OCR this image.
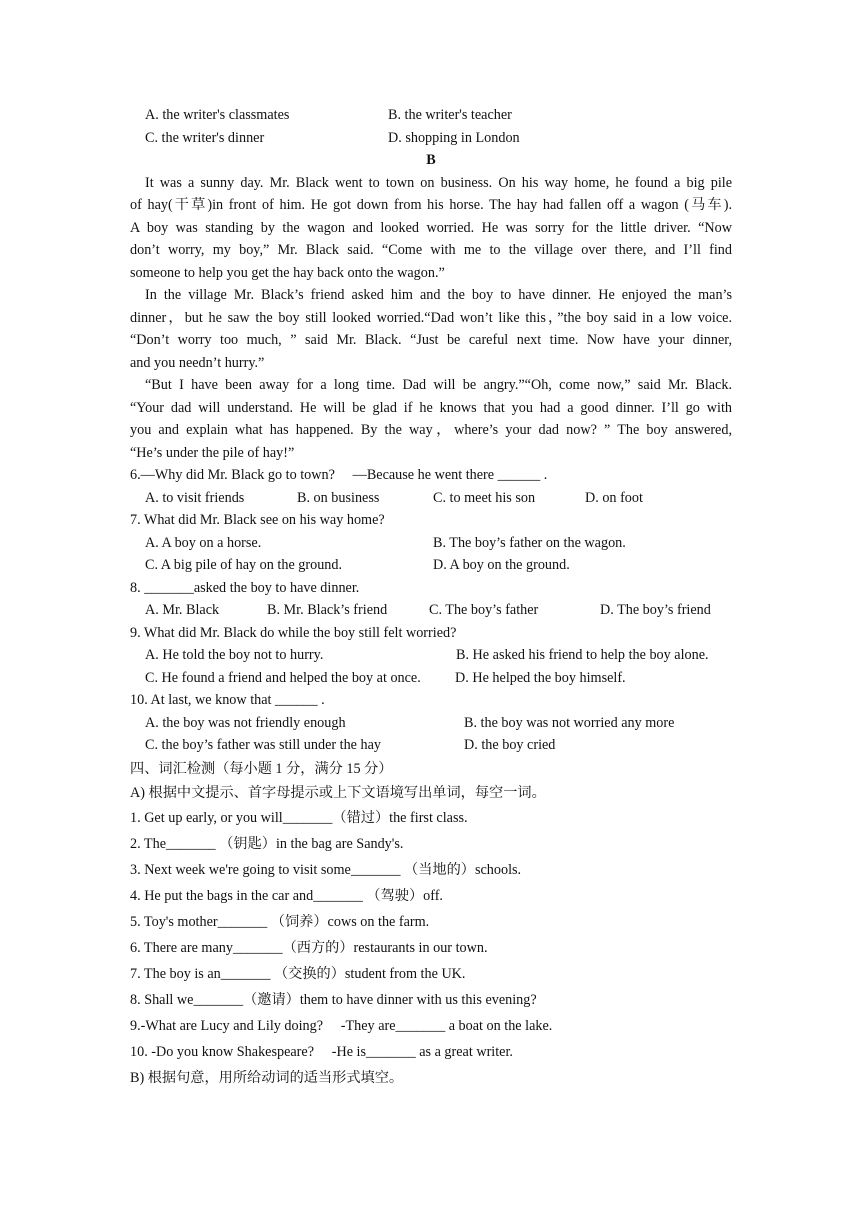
A. the writer's classmates	B. the writer's teacher
C. the writer's dinner	D. shopping in London
B
It was a sunny day. Mr. Black went to town on business. On his way home, he found a big pile
of hay(干草)in front of him. He got down from his horse. The hay had fallen off a wagon (马车).
A boy was standing by the wagon and looked worried. He was sorry for the little driver. “Now
don’t worry, my boy,” Mr. Black said. “Come with me to the village over there, and I’ll find
someone to help you get the hay back onto the wagon.”
In the village Mr. Black’s friend asked him and the boy to have dinner. He enjoyed the man’s
dinner，but he saw the boy still looked worried.“Dad won’t like this，”the boy said in a low voice.
“Don’t worry too much, ” said Mr. Black. “Just be careful next time. Now have your dinner,
and you needn’t hurry.”
“But I have been away for a long time. Dad will be angry.”“Oh, come now,” said Mr. Black.
“Your dad will understand. He will be glad if he knows that you had a good dinner. I’ll go with
you and explain what has happened. By the way，where’s your dad now? ” The boy answered,
“He’s under the pile of hay!”
6.—Why did Mr. Black go to town?　 —Because he went there ______ .
A. to visit friends	B. on business	C. to meet his son	D. on foot
7. What did Mr. Black see on his way home?
A. A boy on a horse.	B. The boy’s father on the wagon.
C. A big pile of hay on the ground.	D. A boy on the ground.
8. _______asked the boy to have dinner.
A. Mr. Black	B. Mr. Black’s friend	C. The boy’s father	D. The boy’s friend
9. What did Mr. Black do while the boy still felt worried?
A. He told the boy not to hurry.	B. He asked his friend to help the boy alone.
C. He found a friend and helped the boy at once. D. He helped the boy himself.
10. At last, we know that ______ .
A. the boy was not friendly enough	B. the boy was not worried any more
C. the boy’s father was still under the hay	D. the boy cried
四、词汇检测（每小题 1 分，满分 15 分）
A) 根据中文提示、首字母提示或上下文语境写出单词，每空一词。
1. Get up early, or you will_______（错过）the first class.
2. The_______ （钥匙）in the bag are Sandy's.
3. Next week we're going to visit some_______ （当地的）schools.
4. He put the bags in the car and_______ （驾驶）off.
5. Toy's mother_______ （饲养）cows on the farm.
6. There are many_______（西方的）restaurants in our town.
7. The boy is an_______ （交换的）student from the UK.
8. Shall we_______（邀请）them to have dinner with us this evening?
9.-What are Lucy and Lily doing?　 -They are_______ a boat on the lake.
10. -Do you know Shakespeare?　 -He is_______ as a great writer.
B) 根据句意，用所给动词的适当形式填空。
